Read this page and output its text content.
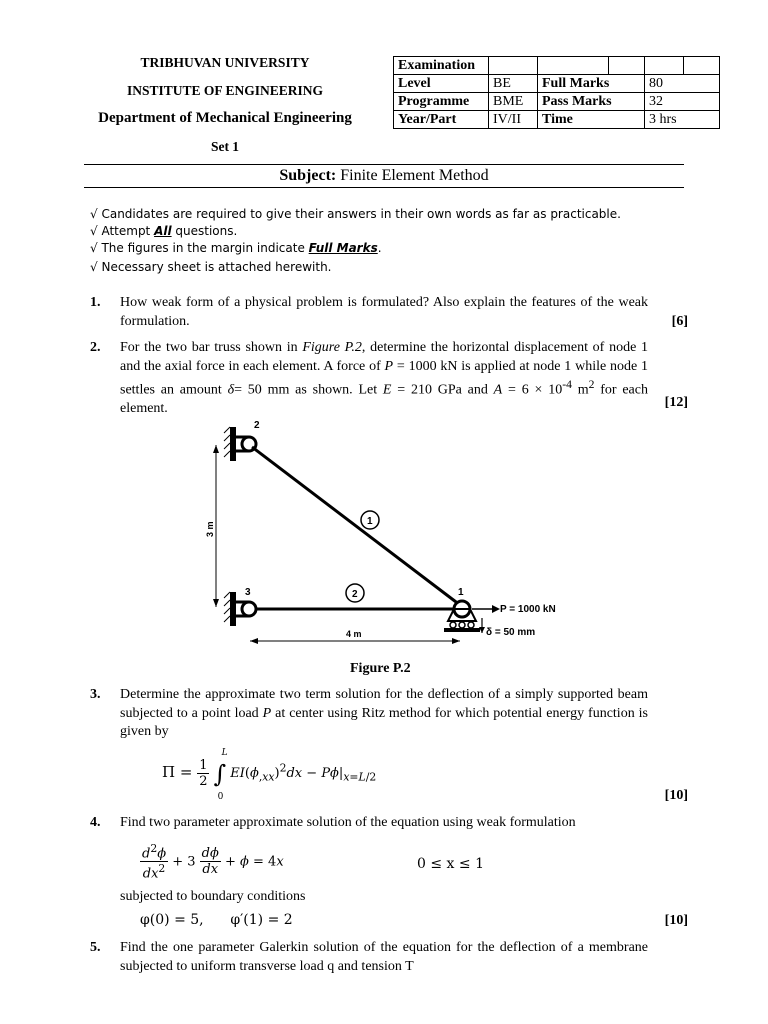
TRIBHUVAN UNIVERSITY
INSTITUTE OF ENGINEERING
Department of Mechanical Engineering
Set 1
Examination					
Level	BE	Full Marks		80	
Programme	BME	Pass Marks		32	
Year/Part	IV/II	Time		3 hrs	
Subject: Finite Element Method
√ Candidates are required to give their answers in their own words as far as practicable.
√ Attempt All questions.
√ The figures in the margin indicate Full Marks.
√ Necessary sheet is attached herewith.
1. How weak form of a physical problem is formulated? Also explain the features of the weak formulation.	[6]
2. For the two bar truss shown in Figure P.2, determine the horizontal displacement of node 1 and the axial force in each element. A force of P = 1000 kN is applied at node 1 while node 1 settles an amount δ= 50 mm as shown. Let E = 210 GPa and $A = 6 \times 10^{-4}$ $m^2$ for each element.	[12]
2
3	1
1
2
3 m
4 m
P = 1000 kN
δ = 50 mm
Figure P.2
3. Determine the approximate two term solution for the deflection of a simply supported beam subjected to a point load P at center using Ritz method for which potential energy function is given by
$\Pi = \frac{1}{2}$ ∫
L
0
$EI(\phi_{,xx})^2dx - P\phi|_{x=L/2}$
[10]
4. Find two parameter approximate solution of the equation using weak formulation
$\frac{d^2\phi}{dx^2} + 3 \frac{d\phi}{dx} + \phi = 4x$	0 ≤ x ≤ 1
subjected to boundary conditions
φ(0) = 5,      φ′(1) = 2	[10]
5. Find the one parameter Galerkin solution of the equation for the deflection of a membrane subjected to uniform transverse load q and tension T
